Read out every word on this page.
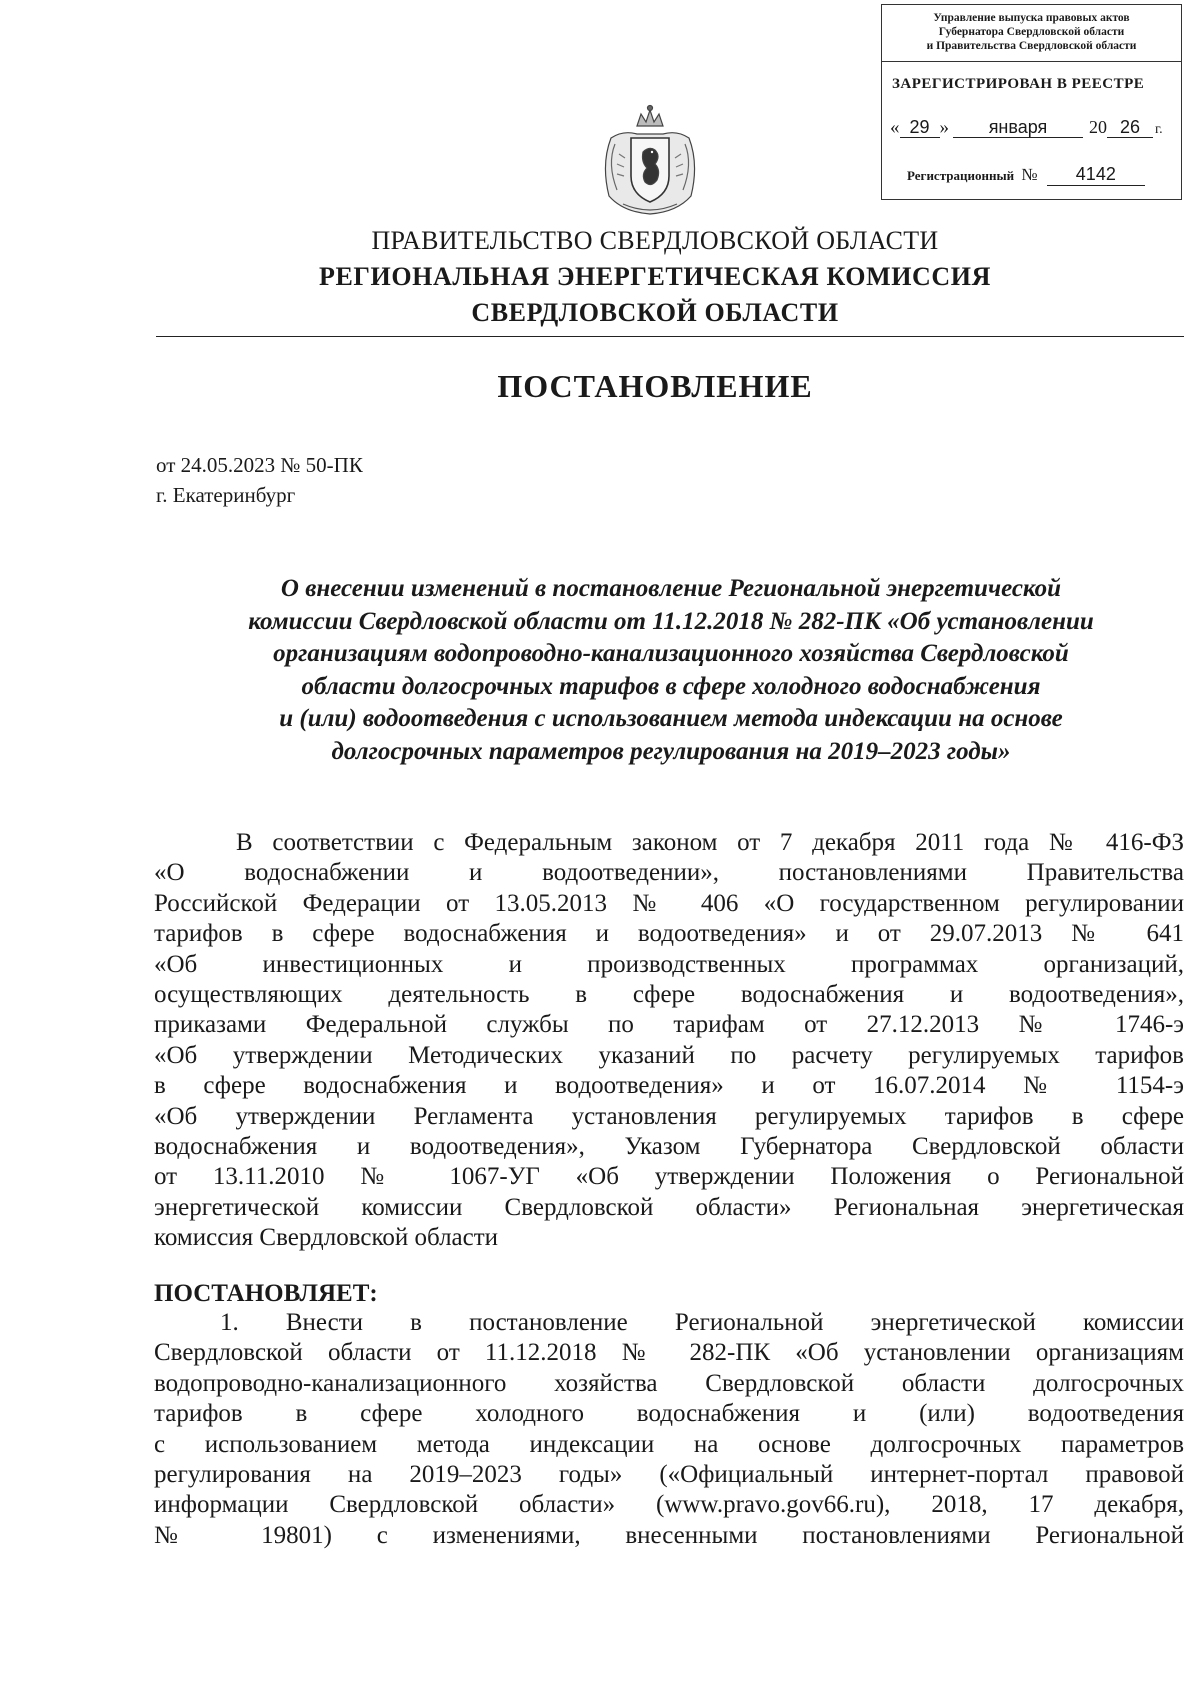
Управление выпуска правовых актов
Губернатора Свердловской области
и Правительства Свердловской области
ЗАРЕГИСТРИРОВАН В РЕЕСТРЕ
« 29 » января 20 26 г.
Регистрационный № 4142
ПРАВИТЕЛЬСТВО СВЕРДЛОВСКОЙ ОБЛАСТИ
РЕГИОНАЛЬНАЯ ЭНЕРГЕТИЧЕСКАЯ КОМИССИЯ
СВЕРДЛОВСКОЙ ОБЛАСТИ
ПОСТАНОВЛЕНИЕ
от 24.05.2023 № 50-ПК
г. Екатеринбург
О внесении изменений в постановление Региональной энергетической
комиссии Свердловской области от 11.12.2018 № 282-ПК «Об установлении
организациям водопроводно-канализационного хозяйства Свердловской
области долгосрочных тарифов в сфере холодного водоснабжения
и (или) водоотведения с использованием метода индексации на основе
долгосрочных параметров регулирования на 2019–2023 годы»
В соответствии с Федеральным законом от 7 декабря 2011 года № 416-ФЗ
«О водоснабжении и водоотведении», постановлениями Правительства
Российской Федерации от 13.05.2013 № 406 «О государственном регулировании
тарифов в сфере водоснабжения и водоотведения» и от 29.07.2013 № 641
«Об инвестиционных и производственных программах организаций,
осуществляющих деятельность в сфере водоснабжения и водоотведения»,
приказами Федеральной службы по тарифам от 27.12.2013 № 1746-э
«Об утверждении Методических указаний по расчету регулируемых тарифов
в сфере водоснабжения и водоотведения» и от 16.07.2014 № 1154-э
«Об утверждении Регламента установления регулируемых тарифов в сфере
водоснабжения и водоотведения», Указом Губернатора Свердловской области
от 13.11.2010 № 1067-УГ «Об утверждении Положения о Региональной
энергетической комиссии Свердловской области» Региональная энергетическая
комиссия Свердловской области
ПОСТАНОВЛЯЕТ:
1. Внести в постановление Региональной энергетической комиссии
Свердловской области от 11.12.2018 № 282-ПК «Об установлении организациям
водопроводно-канализационного хозяйства Свердловской области долгосрочных
тарифов в сфере холодного водоснабжения и (или) водоотведения
с использованием метода индексации на основе долгосрочных параметров
регулирования на 2019–2023 годы» («Официальный интернет-портал правовой
информации Свердловской области» (www.pravo.gov66.ru), 2018, 17 декабря,
№ 19801) с изменениями, внесенными постановлениями Региональной
